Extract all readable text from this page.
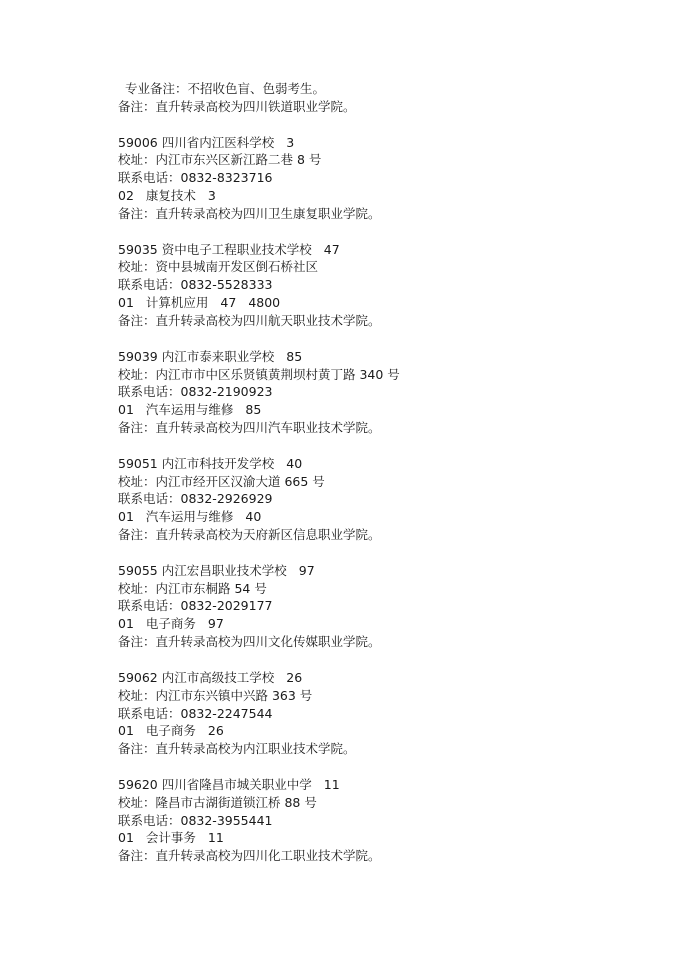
专业备注：不招收色盲、色弱考生。
备注：直升转录高校为四川铁道职业学院。
59006 四川省内江医科学校 3
校址：内江市东兴区新江路二巷 8 号
联系电话：0832-8323716
02 康复技术 3
备注：直升转录高校为四川卫生康复职业学院。
59035 资中电子工程职业技术学校 47
校址：资中县城南开发区倒石桥社区
联系电话：0832-5528333
01 计算机应用 47 4800
备注：直升转录高校为四川航天职业技术学院。
59039 内江市泰来职业学校 85
校址：内江市市中区乐贤镇黄荆坝村黄丁路 340 号
联系电话：0832-2190923
01 汽车运用与维修 85
备注：直升转录高校为四川汽车职业技术学院。
59051 内江市科技开发学校 40
校址：内江市经开区汉渝大道 665 号
联系电话：0832-2926929
01 汽车运用与维修 40
备注：直升转录高校为天府新区信息职业学院。
59055 内江宏昌职业技术学校 97
校址：内江市东桐路 54 号
联系电话：0832-2029177
01 电子商务 97
备注：直升转录高校为四川文化传媒职业学院。
59062 内江市高级技工学校 26
校址：内江市东兴镇中兴路 363 号
联系电话：0832-2247544
01 电子商务 26
备注：直升转录高校为内江职业技术学院。
59620 四川省隆昌市城关职业中学 11
校址：隆昌市古湖街道锁江桥 88 号
联系电话：0832-3955441
01 会计事务 11
备注：直升转录高校为四川化工职业技术学院。
